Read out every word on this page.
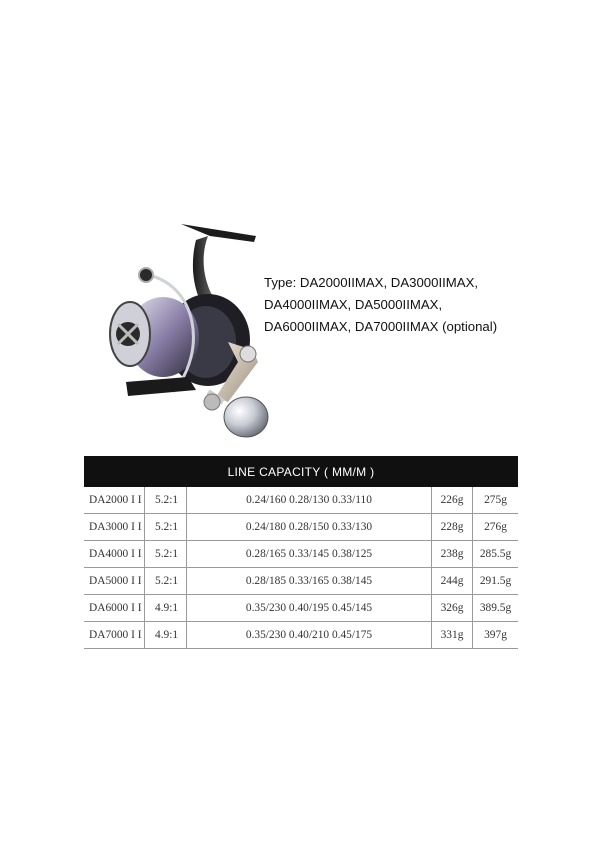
Type: DA2000IIMAX, DA3000IIMAX,
DA4000IIMAX, DA5000IIMAX,
DA6000IIMAX, DA7000IIMAX (optional)
LINE CAPACITY ( MM/M )
DA2000 I I	5.2:1	0.24/160 0.28/130 0.33/110	226g	275g
DA3000 I I	5.2:1	0.24/180 0.28/150 0.33/130	228g	276g
DA4000 I I	5.2:1	0.28/165 0.33/145 0.38/125	238g	285.5g
DA5000 I I	5.2:1	0.28/185 0.33/165 0.38/145	244g	291.5g
DA6000 I I	4.9:1	0.35/230 0.40/195 0.45/145	326g	389.5g
DA7000 I I	4.9:1	0.35/230 0.40/210 0.45/175	331g	397g
